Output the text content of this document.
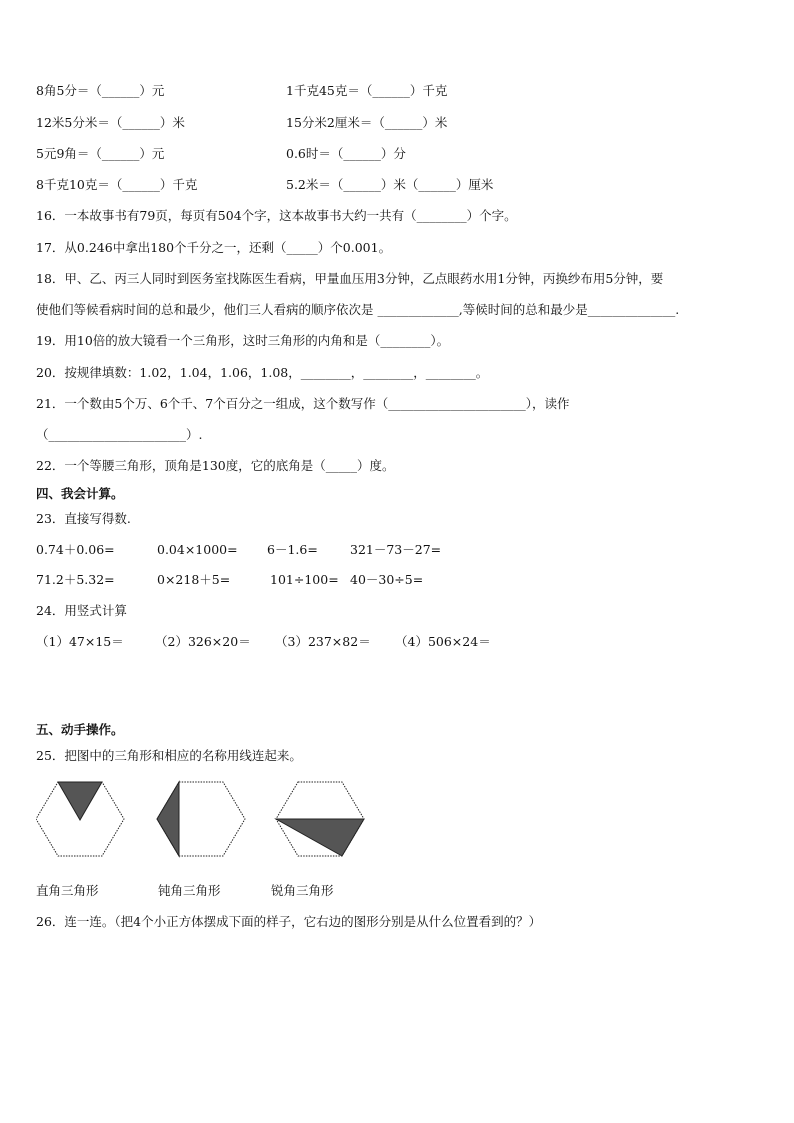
8角5分＝（______）元	1千克45克＝（______）千克
12米5分米＝（______）米	15分米2厘米＝（______）米
5元9角＝（______）元	0.6时＝（______）分
8千克10克＝（______）千克	5.2米＝（______）米（______）厘米
16．一本故事书有79页，每页有504个字，这本故事书大约一共有（________）个字。
17．从0.246中拿出180个千分之一，还剩（_____）个0.001。
18．甲、乙、丙三人同时到医务室找陈医生看病，甲量血压用3分钟，乙点眼药水用1分钟，丙换纱布用5分钟，要
使他们等候看病时间的总和最少，他们三人看病的顺序依次是 _____________,等候时间的总和最少是______________.
19．用10倍的放大镜看一个三角形，这时三角形的内角和是（________）。
20．按规律填数：1.02，1.04，1.06，1.08，________，________，________。
21．一个数由5个万、6个千、7个百分之一组成，这个数写作（______________________），读作
（______________________）.
22．一个等腰三角形，顶角是130度，它的底角是（_____）度。
四、我会计算。
23．直接写得数.
0.74＋0.06=	0.04×1000= 6－1.6=	321－73－27=
71.2＋5.32=	0×218＋5=	101÷100= 40－30÷5=
24．用竖式计算
（1）47×15＝	（2）326×20＝ （3）237×82＝ （4）506×24＝
五、动手操作。
25．把图中的三角形和相应的名称用线连起来。
直角三角形	钝角三角形	锐角三角形
26．连一连。（把4个小正方体摆成下面的样子，它右边的图形分别是从什么位置看到的？）
